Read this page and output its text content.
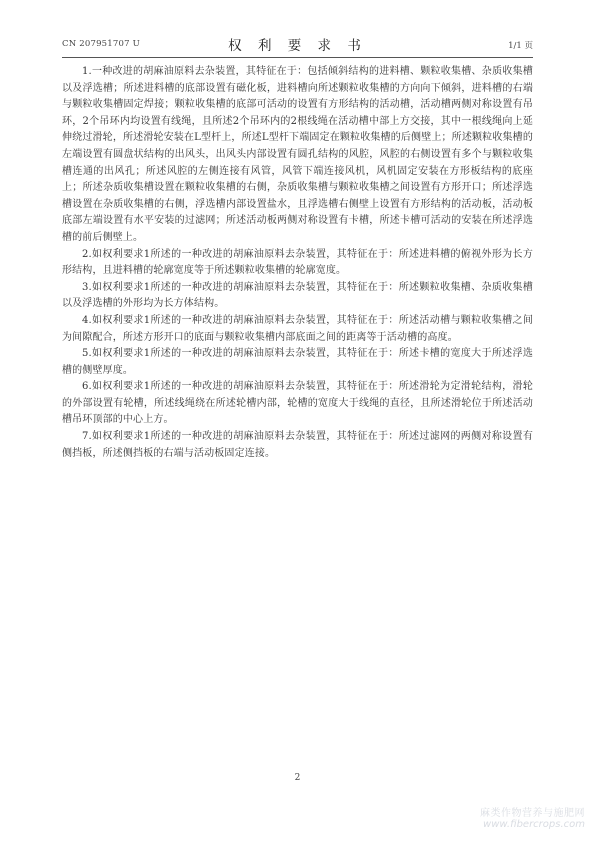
CN 207951707 U	权 利 要 求 书	1/1 页

1.一种改进的胡麻油原料去杂装置，其特征在于：包括倾斜结构的进料槽、颗粒收集槽、杂质收集槽以及浮选槽；所述进料槽的底部设置有磁化板，进料槽向所述颗粒收集槽的方向向下倾斜，进料槽的右端与颗粒收集槽固定焊接；颗粒收集槽的底部可活动的设置有方形结构的活动槽，活动槽两侧对称设置有吊环，2个吊环内均设置有线绳，且所述2个吊环内的2根线绳在活动槽中部上方交接，其中一根线绳向上延伸绕过滑轮，所述滑轮安装在L型杆上，所述L型杆下端固定在颗粒收集槽的后侧壁上；所述颗粒收集槽的左端设置有圆盘状结构的出风头，出风头内部设置有圆孔结构的风腔，风腔的右侧设置有多个与颗粒收集槽连通的出风孔；所述风腔的左侧连接有风管，风管下端连接风机，风机固定安装在方形板结构的底座上；所述杂质收集槽设置在颗粒收集槽的右侧，杂质收集槽与颗粒收集槽之间设置有方形开口；所述浮选槽设置在杂质收集槽的右侧，浮选槽内部设置盐水，且浮选槽右侧壁上设置有方形结构的活动板，活动板底部左端设置有水平安装的过滤网；所述活动板两侧对称设置有卡槽，所述卡槽可活动的安装在所述浮选槽的前后侧壁上。

2.如权利要求1所述的一种改进的胡麻油原料去杂装置，其特征在于：所述进料槽的俯视外形为长方形结构，且进料槽的轮廓宽度等于所述颗粒收集槽的轮廓宽度。

3.如权利要求1所述的一种改进的胡麻油原料去杂装置，其特征在于：所述颗粒收集槽、杂质收集槽以及浮选槽的外形均为长方体结构。

4.如权利要求1所述的一种改进的胡麻油原料去杂装置，其特征在于：所述活动槽与颗粒收集槽之间为间隙配合，所述方形开口的底面与颗粒收集槽内部底面之间的距离等于活动槽的高度。

5.如权利要求1所述的一种改进的胡麻油原料去杂装置，其特征在于：所述卡槽的宽度大于所述浮选槽的侧壁厚度。

6.如权利要求1所述的一种改进的胡麻油原料去杂装置，其特征在于：所述滑轮为定滑轮结构，滑轮的外部设置有轮槽，所述线绳绕在所述轮槽内部，轮槽的宽度大于线绳的直径，且所述滑轮位于所述活动槽吊环顶部的中心上方。

7.如权利要求1所述的一种改进的胡麻油原料去杂装置，其特征在于：所述过滤网的两侧对称设置有侧挡板，所述侧挡板的右端与活动板固定连接。

2
麻类作物营养与施肥网
www.fibercrops.com
